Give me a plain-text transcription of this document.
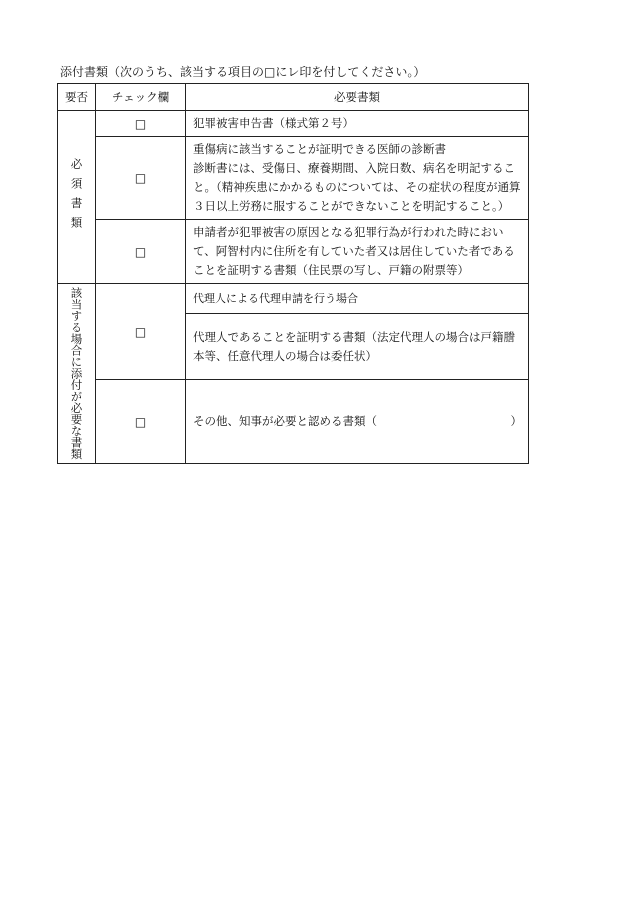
添付書類（次のうち、該当する項目の□にレ印を付してください。）
要否	チェック欄	必要書類

必須書類	□	犯罪被害申告書（様式第２号）
	□	重傷病に該当することが証明できる医師の診断書
診断書には、受傷日、療養期間、入院日数、病名を明記すること。（精神疾患にかかるものについては、その症状の程度が通算３日以上労務に服することができないことを明記すること。）

	□	申請者が犯罪被害の原因となる犯罪行為が行われた時において、阿智村内に住所を有していた者又は居住していた者であることを証明する書類（住民票の写し、戸籍の附票等）

該当する場合に添付が必要な書類	□	代理人による代理申請を行う場合
		代理人であることを証明する書類（法定代理人の場合は戸籍謄本等、任意代理人の場合は委任状）
	□	その他、知事が必要と認める書類（ ）
